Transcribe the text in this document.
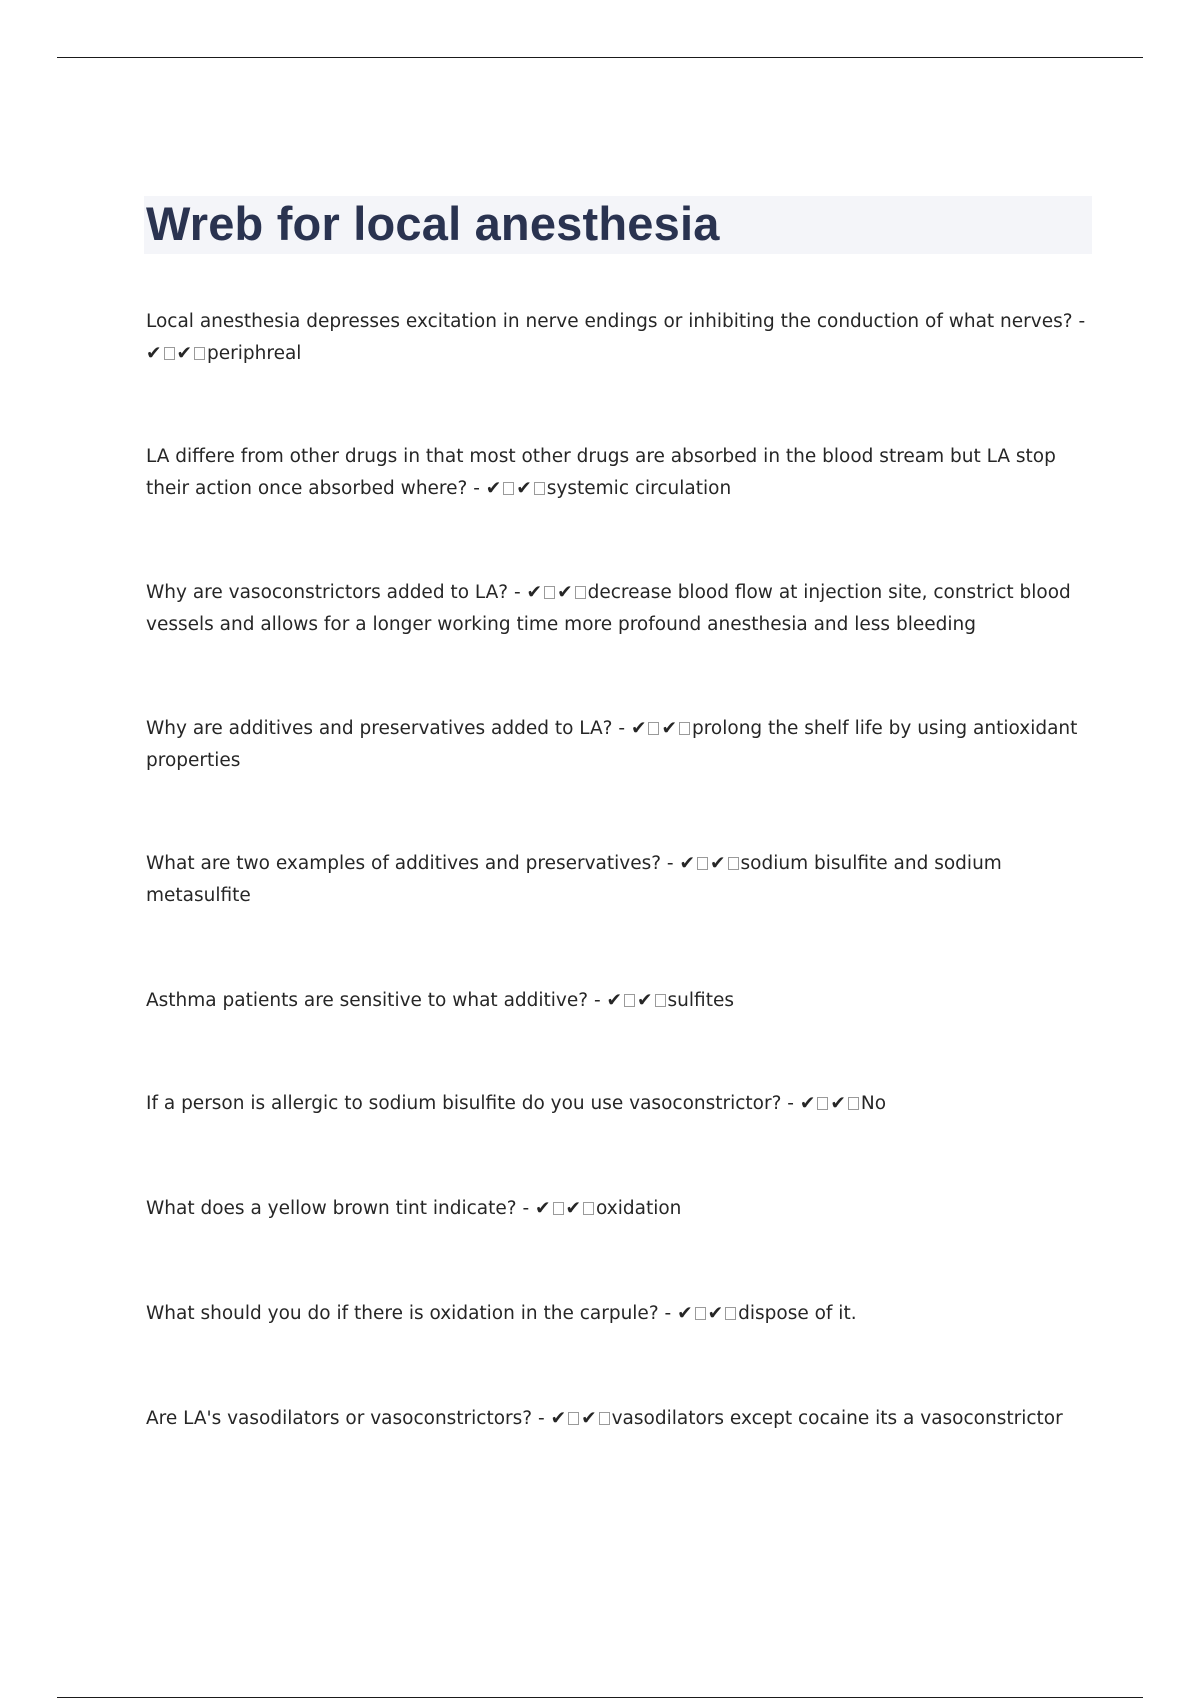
Wreb for local anesthesia

Local anesthesia depresses excitation in nerve endings or inhibiting the conduction of what nerves? - ✔ ✔ periphreal

LA differe from other drugs in that most other drugs are absorbed in the blood stream but LA stop their action once absorbed where? - ✔ ✔ systemic circulation

Why are vasoconstrictors added to LA? - ✔ ✔ decrease blood flow at injection site, constrict blood vessels and allows for a longer working time more profound anesthesia and less bleeding

Why are additives and preservatives added to LA? - ✔ ✔ prolong the shelf life by using antioxidant properties

What are two examples of additives and preservatives? - ✔ ✔ sodium bisulfite and sodium metasulfite

Asthma patients are sensitive to what additive? - ✔ ✔ sulfites

If a person is allergic to sodium bisulfite do you use vasoconstrictor? - ✔ ✔ No

What does a yellow brown tint indicate? - ✔ ✔ oxidation

What should you do if there is oxidation in the carpule? - ✔ ✔ dispose of it.

Are LA's vasodilators or vasoconstrictors? - ✔ ✔ vasodilators except cocaine its a vasoconstrictor
